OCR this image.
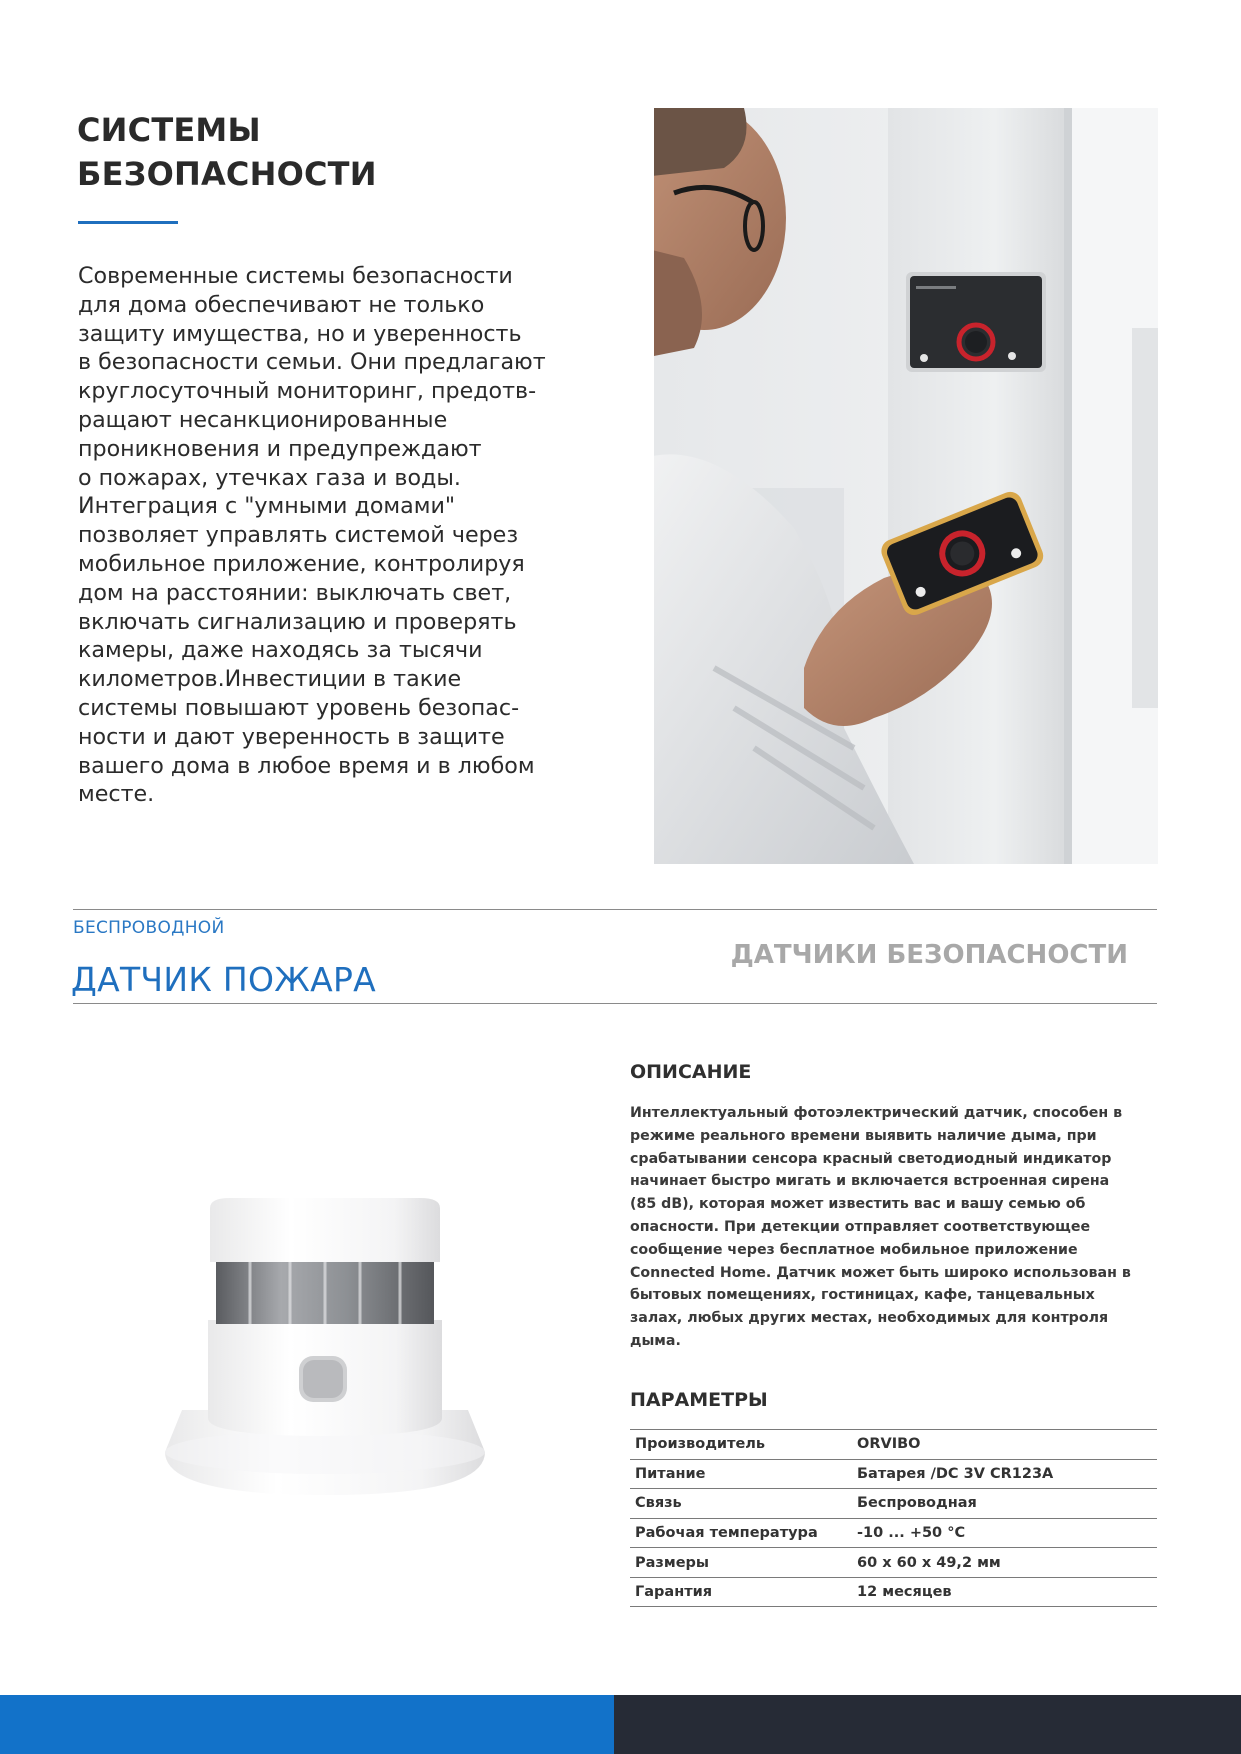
СИСТЕМЫ
БЕЗОПАСНОСТИ
Современные системы безопасности
для дома обеспечивают не только
защиту имущества, но и уверенность
в безопасности семьи. Они предлагают
круглосуточный мониторинг, предотв-
ращают несанкционированные
проникновения и предупреждают
о пожарах, утечках газа и воды.
Интеграция с "умными домами"
позволяет управлять системой через
мобильное приложение, контролируя
дом на расстоянии: выключать свет,
включать сигнализацию и проверять
камеры, даже находясь за тысячи
километров.Инвестиции в такие
системы повышают уровень безопас-
ности и дают уверенность в защите
вашего дома в любое время и в любом
месте.
БЕСПРОВОДНОЙ
ДАТЧИК ПОЖАРА
ДАТЧИКИ БЕЗОПАСНОСТИ
ОПИСАНИЕ
Интеллектуальный фотоэлектрический датчик, способен в
режиме реального времени выявить наличие дыма, при
срабатывании сенсора красный светодиодный индикатор
начинает быстро мигать и включается встроенная сирена
(85 dB), которая может известить вас и вашу семью об
опасности. При детекции отправляет соответствующее
сообщение через бесплатное мобильное приложение
Connected Home. Датчик может быть широко использован в
бытовых помещениях, гостиницах, кафе, танцевальных
залах, любых других местах, необходимых для контроля
дыма.
ПАРАМЕТРЫ
Производитель	ORVIBO
Питание	Батарея /DC 3V CR123A
Связь	Беспроводная
Рабочая температура	-10 ... +50 °C
Размеры	60 x 60 x 49,2 мм
Гарантия	12 месяцев
